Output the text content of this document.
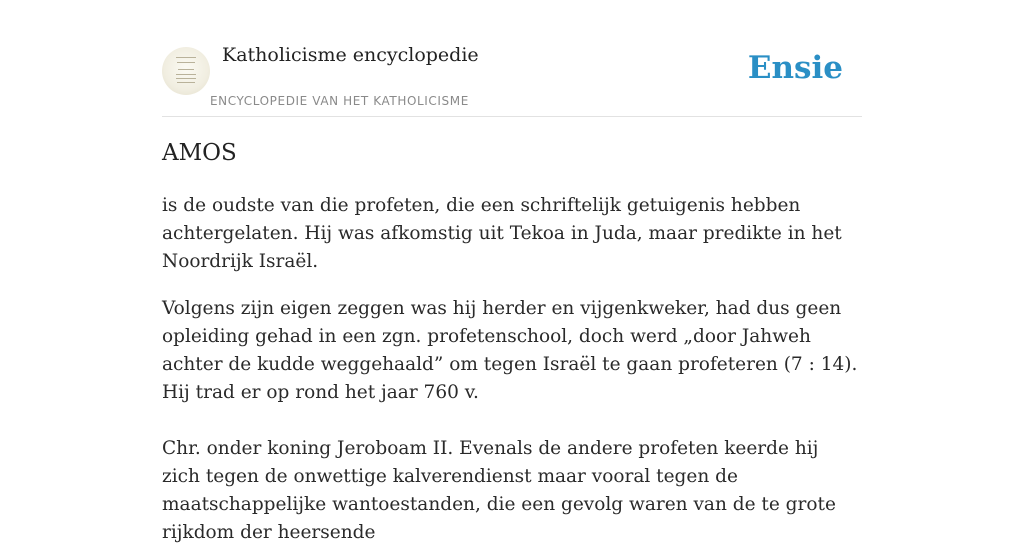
Katholicisme encyclopedie
ENCYCLOPEDIE VAN HET KATHOLICISME
Ensie
AMOS

is de oudste van die profeten, die een schriftelijk getuigenis hebben achtergelaten. Hij was afkomstig uit Tekoa in Juda, maar predikte in het Noordrijk Israël.

Volgens zijn eigen zeggen was hij herder en vijgenkweker, had dus geen opleiding gehad in een zgn. profetenschool, doch werd „door Jahweh achter de kudde weggehaald” om tegen Israël te gaan profeteren (7 : 14). Hij trad er op rond het jaar 760 v.

Chr. onder koning Jeroboam II. Evenals de andere profeten keerde hij zich tegen de onwettige kalverendienst maar vooral tegen de maatschappelijke wantoestanden, die een gevolg waren van de te grote rijkdom der heersende
